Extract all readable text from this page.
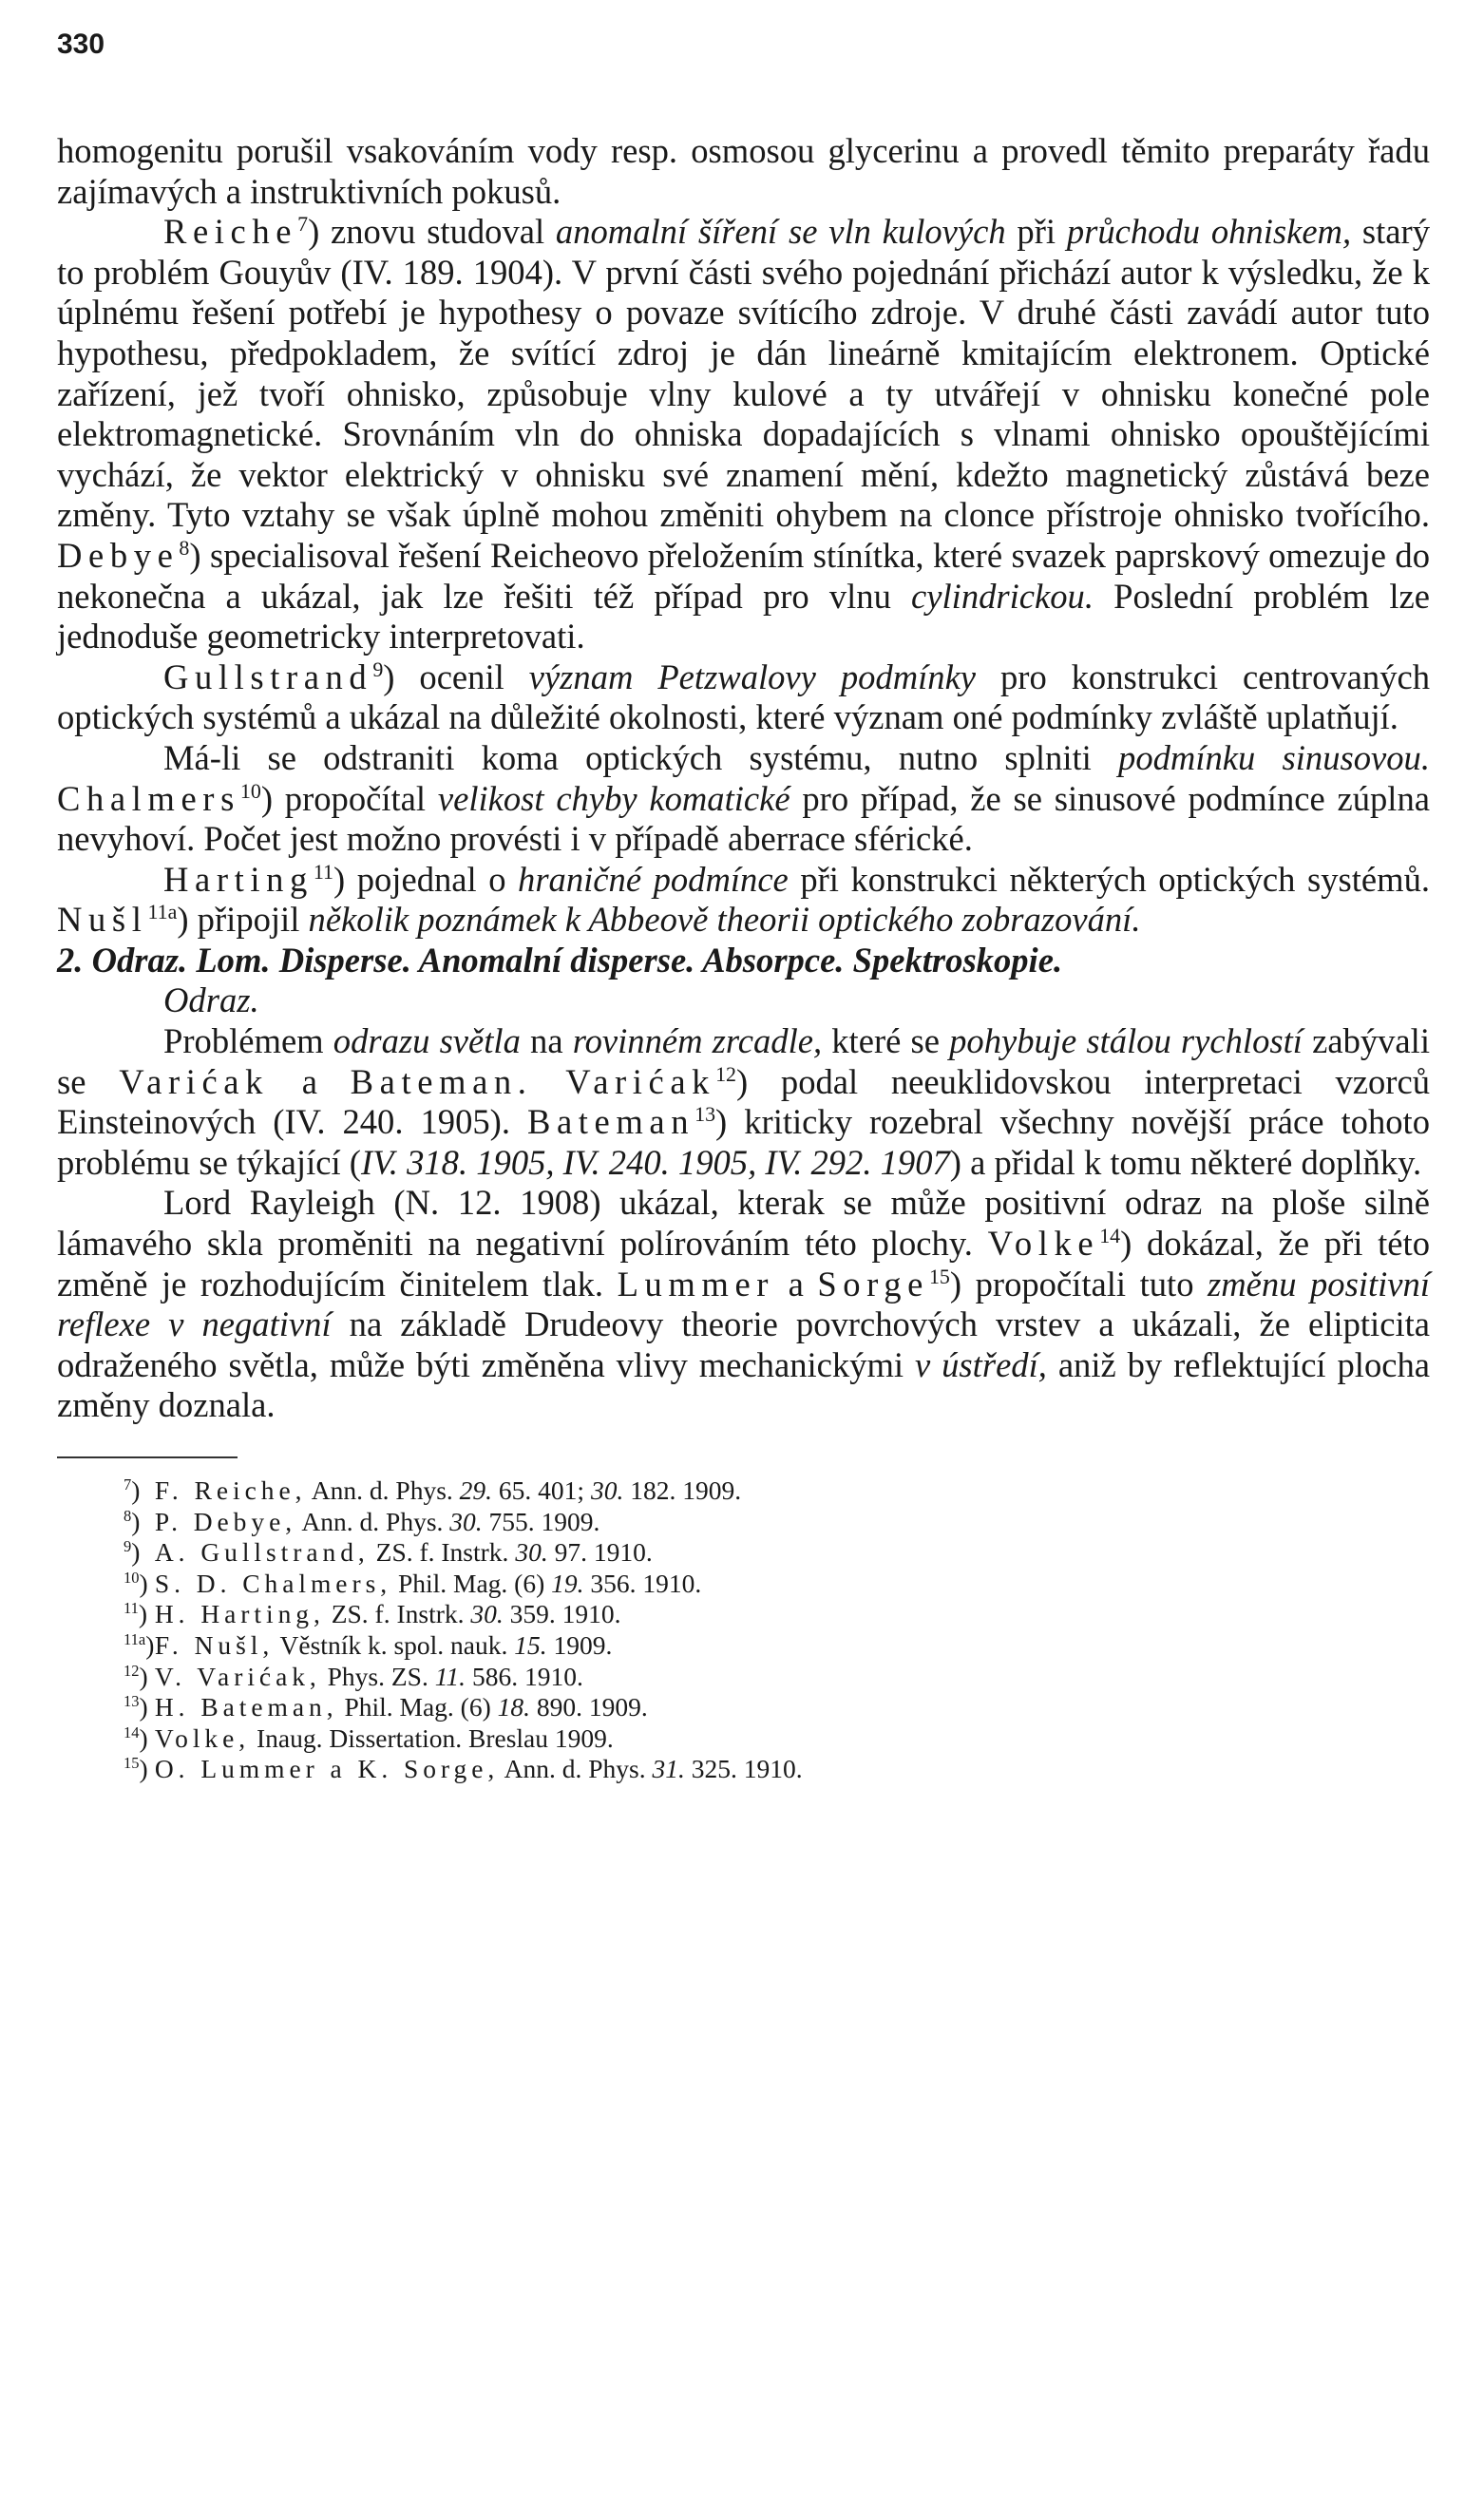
330

homogenitu porušil vsakováním vody resp. osmosou glycerinu a provedl těmito preparáty řadu zajímavých a instruktivních pokusů.

Reiche$^7$) znovu studoval anomalní šíření se vln kulových při průchodu ohniskem, starý to problém Gouyův (IV. 189. 1904). V první části svého pojednání přichází autor k výsledku, že k úplnému řešení potřebí je hypothesy o povaze svítícího zdroje. V druhé části zavádí autor tuto hypothesu, předpokladem, že svítící zdroj je dán lineárně kmitajícím elektronem. Optické zařízení, jež tvoří ohnisko, způsobuje vlny kulové a ty utvářejí v ohnisku konečné pole elektromagnetické. Srovnáním vln do ohniska dopadajících s vlnami ohnisko opouštějícími vychází, že vektor elektrický v ohnisku své znamení mění, kdežto magnetický zůstává beze změny. Tyto vztahy se však úplně mohou změniti ohybem na clonce přístroje ohnisko tvořícího. Debye$^8$) specialisoval řešení Reicheovo přeložením stínítka, které svazek paprskový omezuje do nekonečna a ukázal, jak lze řešiti též případ pro vlnu cylindrickou. Poslední problém lze jednoduše geometricky interpretovati.

Gullstrand$^9$) ocenil význam Petzwalovy podmínky pro konstrukci centrovaných optických systémů a ukázal na důležité okolnosti, které význam oné podmínky zvláště uplatňují.

Má-li se odstraniti koma optických systému, nutno splniti podmínku sinusovou. Chalmers$^{10}$) propočítal velikost chyby komatické pro případ, že se sinusové podmínce zúplna nevyhoví. Počet jest možno provésti i v případě aberrace sférické.

Harting$^{11}$) pojednal o hraničné podmínce při konstrukci některých optických systémů. Nušl$^{11a}$) připojil několik poznámek k Abbeově theorii optického zobrazování.

2. Odraz. Lom. Disperse. Anomalní disperse. Absorpce. Spektroskopie.

Odraz.

Problémem odrazu světla na rovinném zrcadle, které se pohybuje stálou rychlostí zabývali se Varićak a Bateman. Varićak$^{12}$) podal neeuklidovskou interpretaci vzorců Einsteinových (IV. 240. 1905). Bateman$^{13}$) kriticky rozebral všechny novější práce tohoto problému se týkající (IV. 318. 1905, IV. 240. 1905, IV. 292. 1907) a přidal k tomu některé doplňky.

Lord Rayleigh (N. 12. 1908) ukázal, kterak se může positivní odraz na ploše silně lámavého skla proměniti na negativní polírováním této plochy. Volke$^{14}$) dokázal, že při této změně je rozhodujícím činitelem tlak. Lummer a Sorge$^{15}$) propočítali tuto změnu positivní reflexe v negativní na základě Drudeovy theorie povrchových vrstev a ukázali, že elipticita odraženého světla, může býti změněna vlivy mechanickými v ústředí, aniž by reflektující plocha změny doznala.

$^7$) F. Reiche, Ann. d. Phys. 29. 65. 401; 30. 182. 1909.

$^8$) P. Debye, Ann. d. Phys. 30. 755. 1909.

$^9$) A. Gullstrand, ZS. f. Instrk. 30. 97. 1910.

$^{10}$) S. D. Chalmers, Phil. Mag. (6) 19. 356. 1910.

$^{11}$) H. Harting, ZS. f. Instrk. 30. 359. 1910.

$^{11a}$) F. Nušl, Věstník k. spol. nauk. 15. 1909.

$^{12}$) V. Varićak, Phys. ZS. 11. 586. 1910.

$^{13}$) H. Bateman, Phil. Mag. (6) 18. 890. 1909.

$^{14}$) Volke, Inaug. Dissertation. Breslau 1909.

$^{15}$) O. Lummer a K. Sorge, Ann. d. Phys. 31. 325. 1910.
